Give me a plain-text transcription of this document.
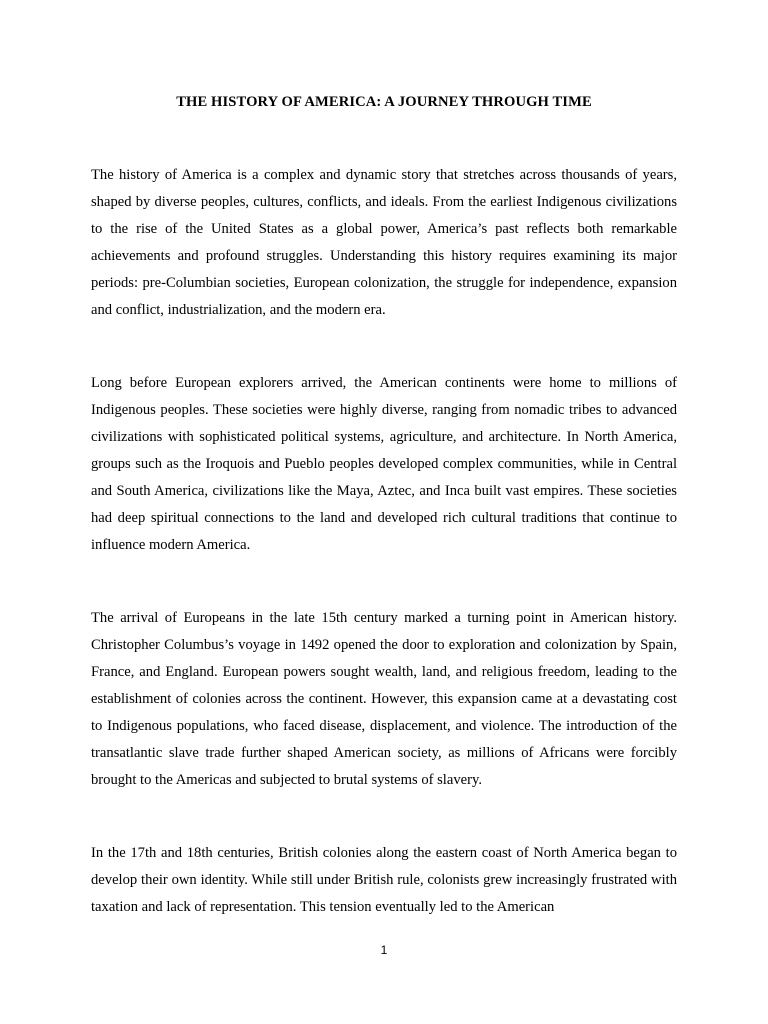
THE HISTORY OF AMERICA: A JOURNEY THROUGH TIME

The history of America is a complex and dynamic story that stretches across thousands of years, shaped by diverse peoples, cultures, conflicts, and ideals. From the earliest Indigenous civilizations to the rise of the United States as a global power, America’s past reflects both remarkable achievements and profound struggles. Understanding this history requires examining its major periods: pre-Columbian societies, European colonization, the struggle for independence, expansion and conflict, industrialization, and the modern era.

Long before European explorers arrived, the American continents were home to millions of Indigenous peoples. These societies were highly diverse, ranging from nomadic tribes to advanced civilizations with sophisticated political systems, agriculture, and architecture. In North America, groups such as the Iroquois and Pueblo peoples developed complex communities, while in Central and South America, civilizations like the Maya, Aztec, and Inca built vast empires. These societies had deep spiritual connections to the land and developed rich cultural traditions that continue to influence modern America.

The arrival of Europeans in the late 15th century marked a turning point in American history. Christopher Columbus’s voyage in 1492 opened the door to exploration and colonization by Spain, France, and England. European powers sought wealth, land, and religious freedom, leading to the establishment of colonies across the continent. However, this expansion came at a devastating cost to Indigenous populations, who faced disease, displacement, and violence. The introduction of the transatlantic slave trade further shaped American society, as millions of Africans were forcibly brought to the Americas and subjected to brutal systems of slavery.

In the 17th and 18th centuries, British colonies along the eastern coast of North America began to develop their own identity. While still under British rule, colonists grew increasingly frustrated with taxation and lack of representation. This tension eventually led to the American

1
